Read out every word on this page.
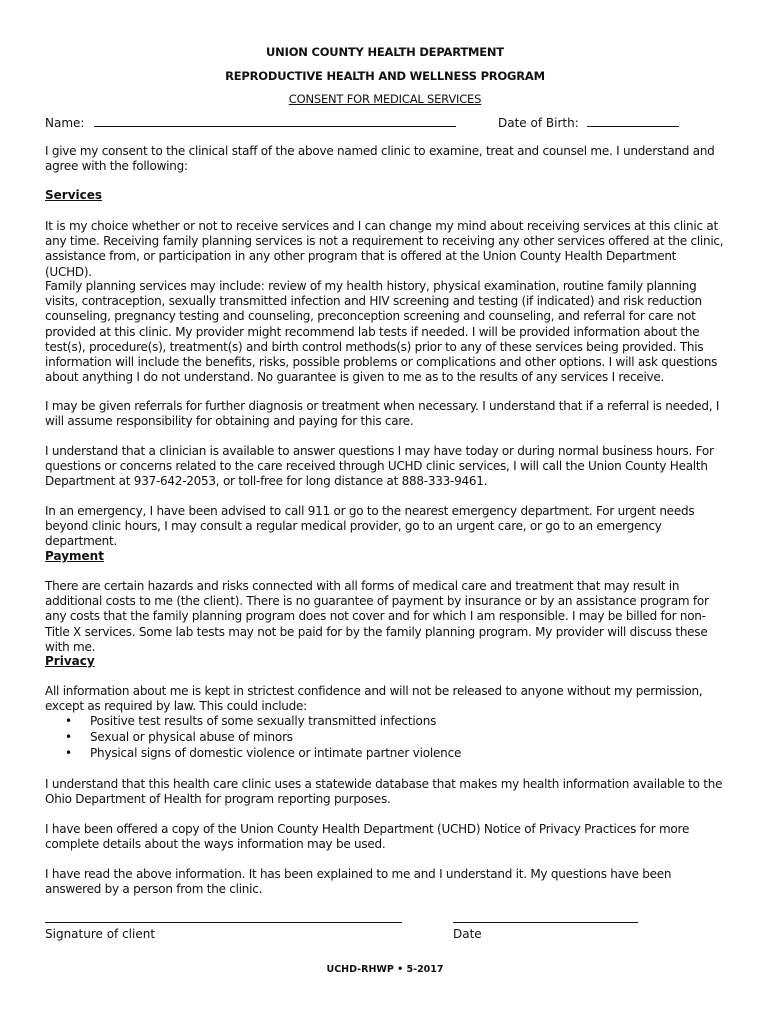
UNION COUNTY HEALTH DEPARTMENT
REPRODUCTIVE HEALTH AND WELLNESS PROGRAM
CONSENT FOR MEDICAL SERVICES
Name:	Date of Birth:
I give my consent to the clinical staff of the above named clinic to examine, treat and counsel me. I understand and agree with the following:
Services
It is my choice whether or not to receive services and I can change my mind about receiving services at this clinic at any time. Receiving family planning services is not a requirement to receiving any other services offered at the clinic, assistance from, or participation in any other program that is offered at the Union County Health Department (UCHD).
Family planning services may include: review of my health history, physical examination, routine family planning visits, contraception, sexually transmitted infection and HIV screening and testing (if indicated) and risk reduction counseling, pregnancy testing and counseling, preconception screening and counseling, and referral for care not provided at this clinic. My provider might recommend lab tests if needed. I will be provided information about the test(s), procedure(s), treatment(s) and birth control methods(s) prior to any of these services being provided. This information will include the benefits, risks, possible problems or complications and other options. I will ask questions about anything I do not understand. No guarantee is given to me as to the results of any services I receive.
I may be given referrals for further diagnosis or treatment when necessary. I understand that if a referral is needed, I will assume responsibility for obtaining and paying for this care.
I understand that a clinician is available to answer questions I may have today or during normal business hours. For questions or concerns related to the care received through UCHD clinic services, I will call the Union County Health Department at 937-642-2053, or toll-free for long distance at 888-333-9461.
In an emergency, I have been advised to call 911 or go to the nearest emergency department. For urgent needs beyond clinic hours, I may consult a regular medical provider, go to an urgent care, or go to an emergency department.
Payment
There are certain hazards and risks connected with all forms of medical care and treatment that may result in additional costs to me (the client). There is no guarantee of payment by insurance or by an assistance program for any costs that the family planning program does not cover and for which I am responsible. I may be billed for non-Title X services. Some lab tests may not be paid for by the family planning program. My provider will discuss these with me.
Privacy
All information about me is kept in strictest confidence and will not be released to anyone without my permission, except as required by law. This could include:
• Positive test results of some sexually transmitted infections
• Sexual or physical abuse of minors
• Physical signs of domestic violence or intimate partner violence
I understand that this health care clinic uses a statewide database that makes my health information available to the Ohio Department of Health for program reporting purposes.
I have been offered a copy of the Union County Health Department (UCHD) Notice of Privacy Practices for more complete details about the ways information may be used.
I have read the above information. It has been explained to me and I understand it. My questions have been answered by a person from the clinic.
Signature of client	Date
UCHD-RHWP • 5-2017
